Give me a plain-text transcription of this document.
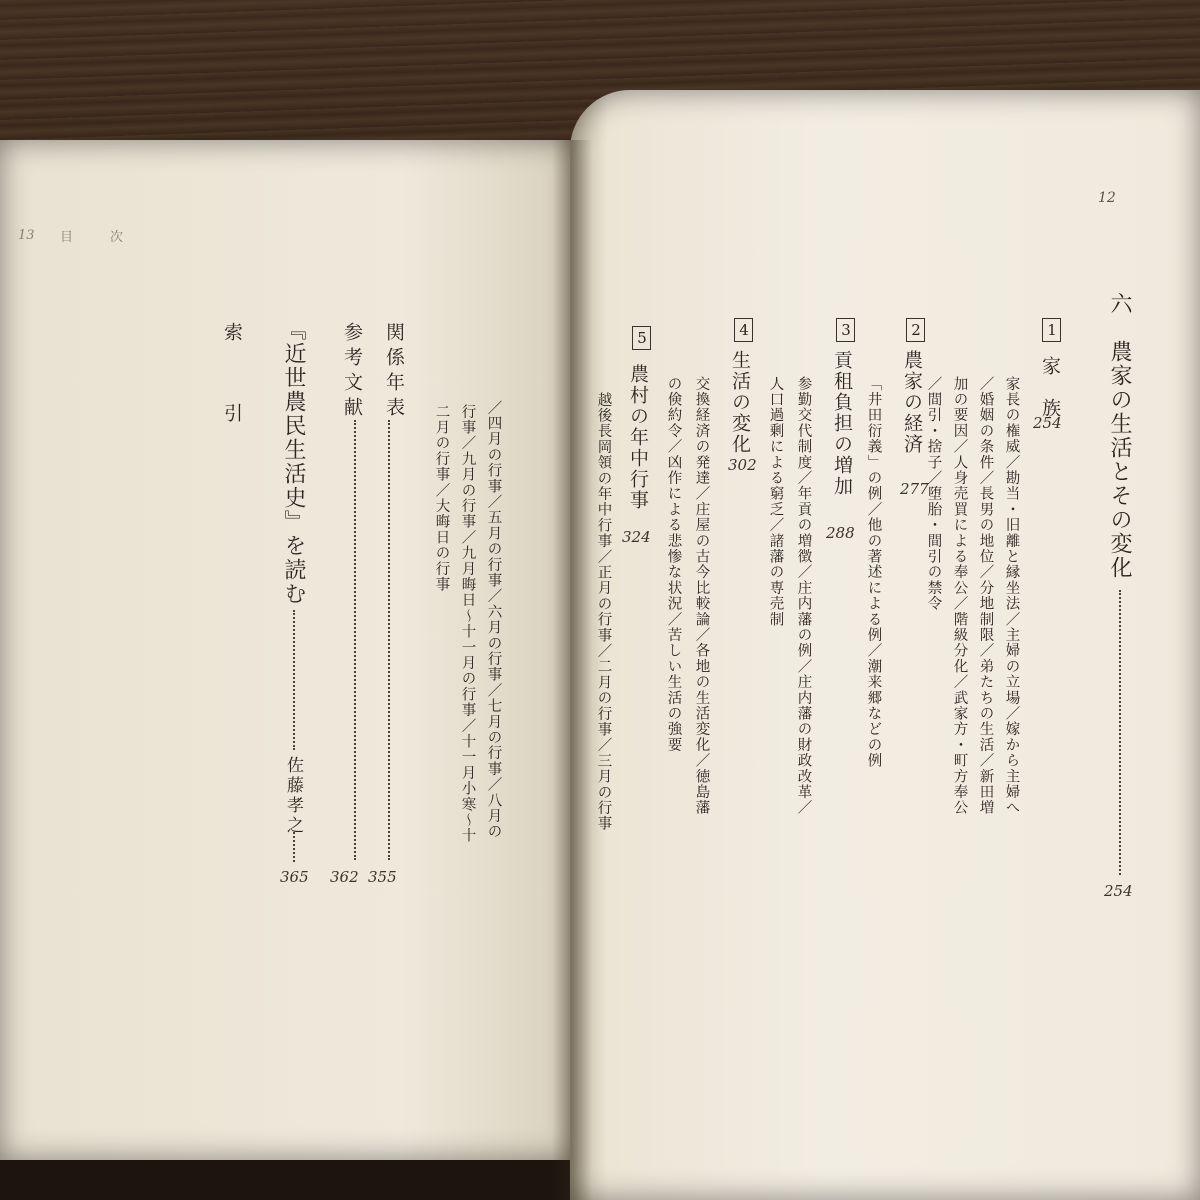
13 目　次
／四月の行事／五月の行事／六月の行事／七月の行事／八月の
行事／九月の行事／九月晦日〜十一月の行事／十一月小寒〜十
二月の行事／大晦日の行事
関係年表
355
参考文献
362
『近世農民生活史』を読む
佐藤孝之
365
索　　引
12
六
農家の生活とその変化
254
1
家　族
254
家長の権威／勘当・旧離と縁坐法／主婦の立場／嫁から主婦へ
／婚姻の条件／長男の地位／分地制限／弟たちの生活／新田増
加の要因／人身売買による奉公／階級分化／武家方・町方奉公
／間引・捨子／堕胎・間引の禁令
2
農家の経済
277
「井田衍義」の例／他の著述による例／潮来郷などの例
3
貢租負担の増加
288
参勤交代制度／年貢の増徴／庄内藩の例／庄内藩の財政改革／
人口過剰による窮乏／諸藩の専売制
4
生活の変化
302
交換経済の発達／庄屋の古今比較論／各地の生活変化／徳島藩
の倹約令／凶作による悲惨な状況／苦しい生活の強要
5
農村の年中行事
324
越後長岡領の年中行事／正月の行事／二月の行事／三月の行事
